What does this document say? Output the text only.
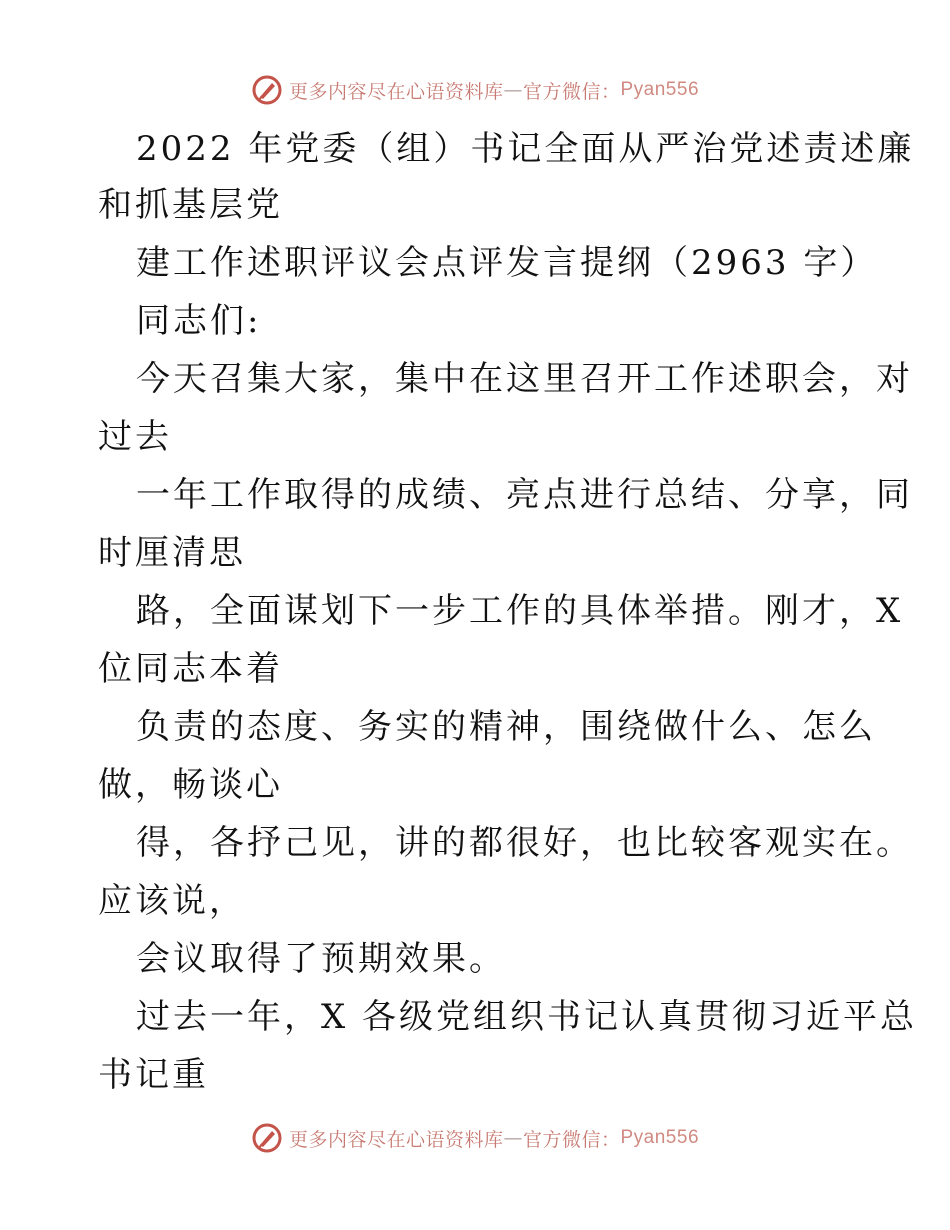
更多内容尽在心语资料库 — 官方微信： Pyan556
2022 年党委（组）书记全面从严治党述责述廉
和抓基层党
建工作述职评议会点评发言提纲（2963 字）
同志们:
今天召集大家，集中在这里召开工作述职会，对
过去
一年工作取得的成绩、亮点进行总结、分享，同
时厘清思
路，全面谋划下一步工作的具体举措。刚才，X
位同志本着
负责的态度、务实的精神，围绕做什么、怎么
做，畅谈心
得，各抒己见，讲的都很好，也比较客观实在。
应该说，
会议取得了预期效果。
过去一年，X 各级党组织书记认真贯彻习近平总
书记重
更多内容尽在心语资料库 — 官方微信： Pyan556
